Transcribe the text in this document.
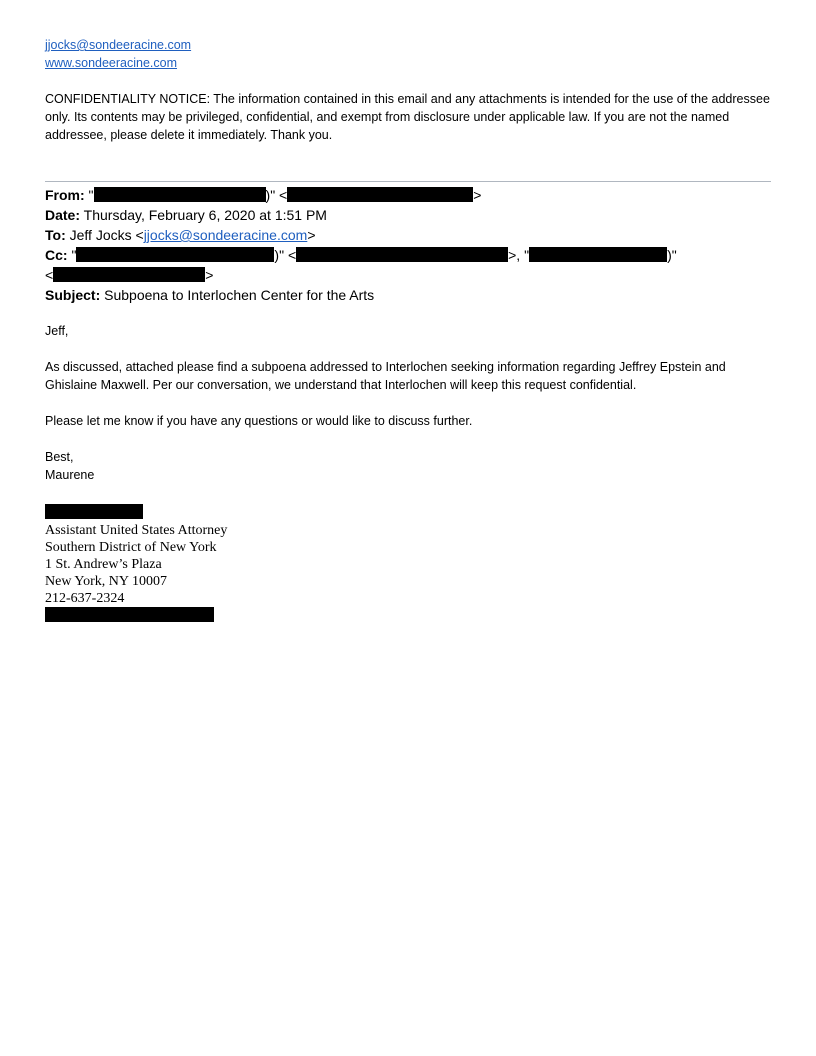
jjocks@sondeeracine.com
www.sondeeracine.com
CONFIDENTIALITY NOTICE: The information contained in this email and any attachments is intended for the use of the addressee only. Its contents may be privileged, confidential, and exempt from disclosure under applicable law. If you are not the named addressee, please delete it immediately. Thank you.
From: "	)" <	>
Date: Thursday, February 6, 2020 at 1:51 PM
To: Jeff Jocks <jjocks@sondeeracine.com>
Cc: "	)" <	>, "	)"
<	>
Subject: Subpoena to Interlochen Center for the Arts

Jeff,

As discussed, attached please find a subpoena addressed to Interlochen seeking information regarding Jeffrey Epstein and Ghislaine Maxwell. Per our conversation, we understand that Interlochen will keep this request confidential.

Please let me know if you have any questions or would like to discuss further.

Best,
Maurene
Assistant United States Attorney
Southern District of New York
1 St. Andrew’s Plaza
New York, NY 10007
212-637-2324
